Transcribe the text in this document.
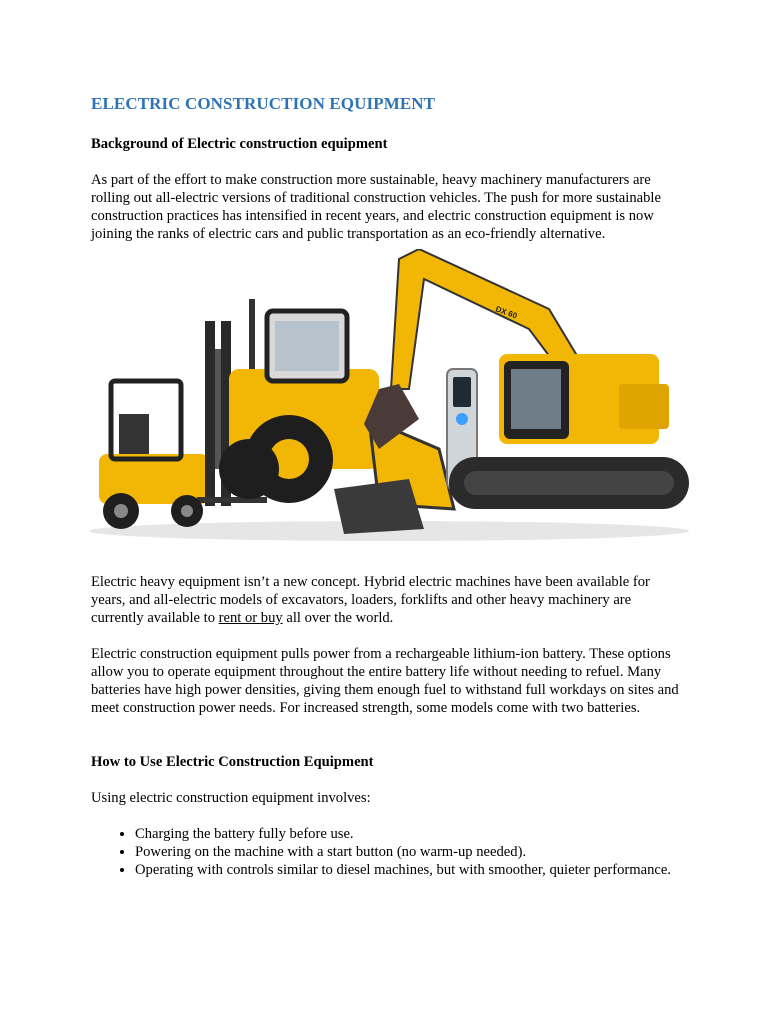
ELECTRIC CONSTRUCTION EQUIPMENT
Background of Electric construction equipment

As part of the effort to make construction more sustainable, heavy machinery manufacturers are rolling out all-electric versions of traditional construction vehicles. The push for more sustainable construction practices has intensified in recent years, and electric construction equipment is now joining the ranks of electric cars and public transportation as an eco-friendly alternative.

DX 60

Electric heavy equipment isn’t a new concept. Hybrid electric machines have been available for years, and all-electric models of excavators, loaders, forklifts and other heavy machinery are currently available to rent or buy all over the world.

Electric construction equipment pulls power from a rechargeable lithium-ion battery. These options allow you to operate equipment throughout the entire battery life without needing to refuel. Many batteries have high power densities, giving them enough fuel to withstand full workdays on sites and meet construction power needs. For increased strength, some models come with two batteries.

How to Use Electric Construction Equipment

Using electric construction equipment involves:

• Charging the battery fully before use.
• Powering on the machine with a start button (no warm-up needed).
• Operating with controls similar to diesel machines, but with smoother, quieter performance.
